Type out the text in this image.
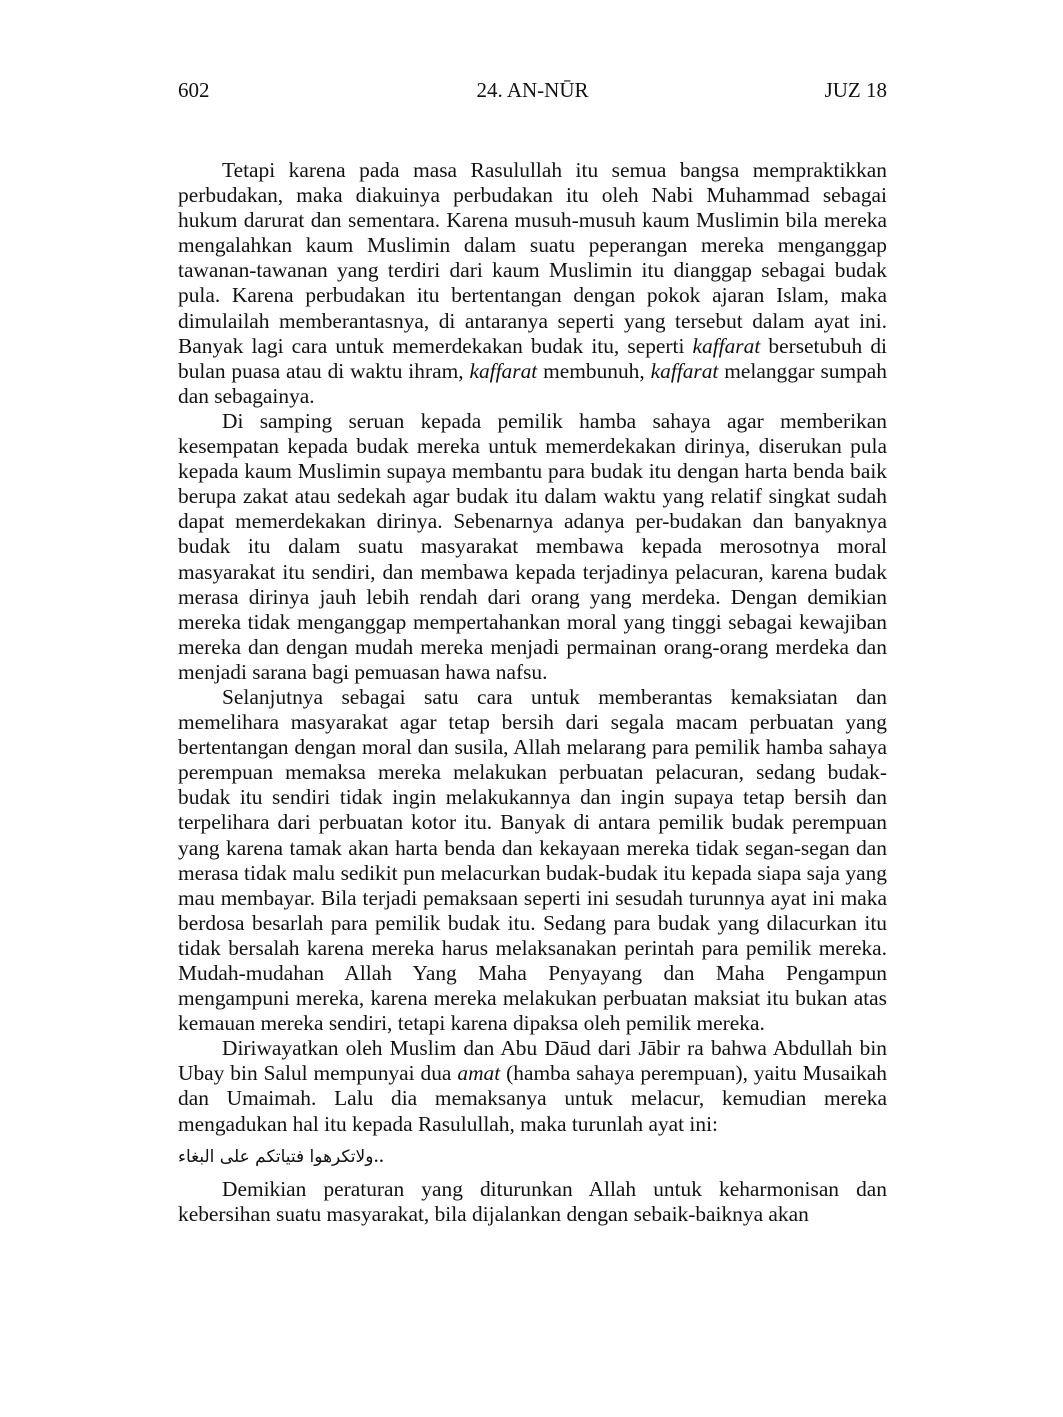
602	24. AN-NŪR	JUZ 18

Tetapi karena pada masa Rasulullah itu semua bangsa mempraktikkan perbudakan, maka diakuinya perbudakan itu oleh Nabi Muhammad sebagai hukum darurat dan sementara. Karena musuh-musuh kaum Muslimin bila mereka mengalahkan kaum Muslimin dalam suatu peperangan mereka menganggap tawanan-tawanan yang terdiri dari kaum Muslimin itu dianggap sebagai budak pula. Karena perbudakan itu bertentangan dengan pokok ajaran Islam, maka dimulailah memberantasnya, di antaranya seperti yang tersebut dalam ayat ini. Banyak lagi cara untuk memerdekakan budak itu, seperti kaffarat bersetubuh di bulan puasa atau di waktu ihram, kaffarat membunuh, kaffarat melanggar sumpah dan sebagainya.

Di samping seruan kepada pemilik hamba sahaya agar memberikan kesempatan kepada budak mereka untuk memerdekakan dirinya, diserukan pula kepada kaum Muslimin supaya membantu para budak itu dengan harta benda baik berupa zakat atau sedekah agar budak itu dalam waktu yang relatif singkat sudah dapat memerdekakan dirinya. Sebenarnya adanya per-budakan dan banyaknya budak itu dalam suatu masyarakat membawa kepada merosotnya moral masyarakat itu sendiri, dan membawa kepada terjadinya pelacuran, karena budak merasa dirinya jauh lebih rendah dari orang yang merdeka. Dengan demikian mereka tidak menganggap mempertahankan moral yang tinggi sebagai kewajiban mereka dan dengan mudah mereka menjadi permainan orang-orang merdeka dan menjadi sarana bagi pemuasan hawa nafsu.

Selanjutnya sebagai satu cara untuk memberantas kemaksiatan dan memelihara masyarakat agar tetap bersih dari segala macam perbuatan yang bertentangan dengan moral dan susila, Allah melarang para pemilik hamba sahaya perempuan memaksa mereka melakukan perbuatan pelacuran, sedang budak-budak itu sendiri tidak ingin melakukannya dan ingin supaya tetap bersih dan terpelihara dari perbuatan kotor itu. Banyak di antara pemilik budak perempuan yang karena tamak akan harta benda dan kekayaan mereka tidak segan-segan dan merasa tidak malu sedikit pun melacurkan budak-budak itu kepada siapa saja yang mau membayar. Bila terjadi pemaksaan seperti ini sesudah turunnya ayat ini maka berdosa besarlah para pemilik budak itu. Sedang para budak yang dilacurkan itu tidak bersalah karena mereka harus melaksanakan perintah para pemilik mereka. Mudah-mudahan Allah Yang Maha Penyayang dan Maha Pengampun mengampuni mereka, karena mereka melakukan perbuatan maksiat itu bukan atas kemauan mereka sendiri, tetapi karena dipaksa oleh pemilik mereka.

Diriwayatkan oleh Muslim dan Abu Dāud dari Jābir ra bahwa Abdullah bin Ubay bin Salul mempunyai dua amat (hamba sahaya perempuan), yaitu Musaikah dan Umaimah. Lalu dia memaksanya untuk melacur, kemudian mereka mengadukan hal itu kepada Rasulullah, maka turunlah ayat ini:

ولاتكرهوا فتياتكم على البغاء..

Demikian peraturan yang diturunkan Allah untuk keharmonisan dan kebersihan suatu masyarakat, bila dijalankan dengan sebaik-baiknya akan
